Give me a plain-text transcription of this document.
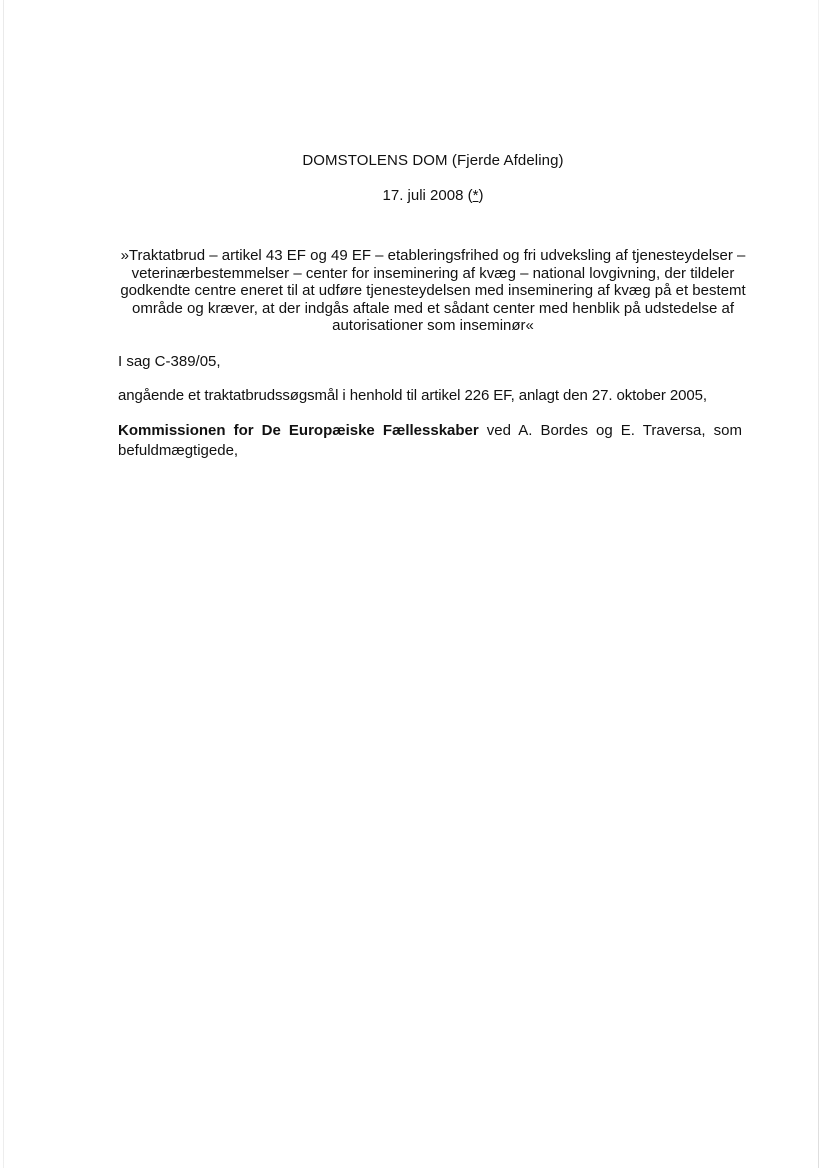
DOMSTOLENS DOM (Fjerde Afdeling)
17. juli 2008 (*)
»Traktatbrud – artikel 43 EF og 49 EF – etableringsfrihed og fri udveksling af tjenesteydelser – veterinærbestemmelser – center for inseminering af kvæg – national lovgivning, der tildeler godkendte centre eneret til at udføre tjenesteydelsen med inseminering af kvæg på et bestemt område og kræver, at der indgås aftale med et sådant center med henblik på udstedelse af autorisationer som inseminør«
I sag C-389/05,
angående et traktatbrudssøgsmål i henhold til artikel 226 EF, anlagt den 27. oktober 2005,
Kommissionen for De Europæiske Fællesskaber ved A. Bordes og E. Traversa, som befuldmægtigede,
